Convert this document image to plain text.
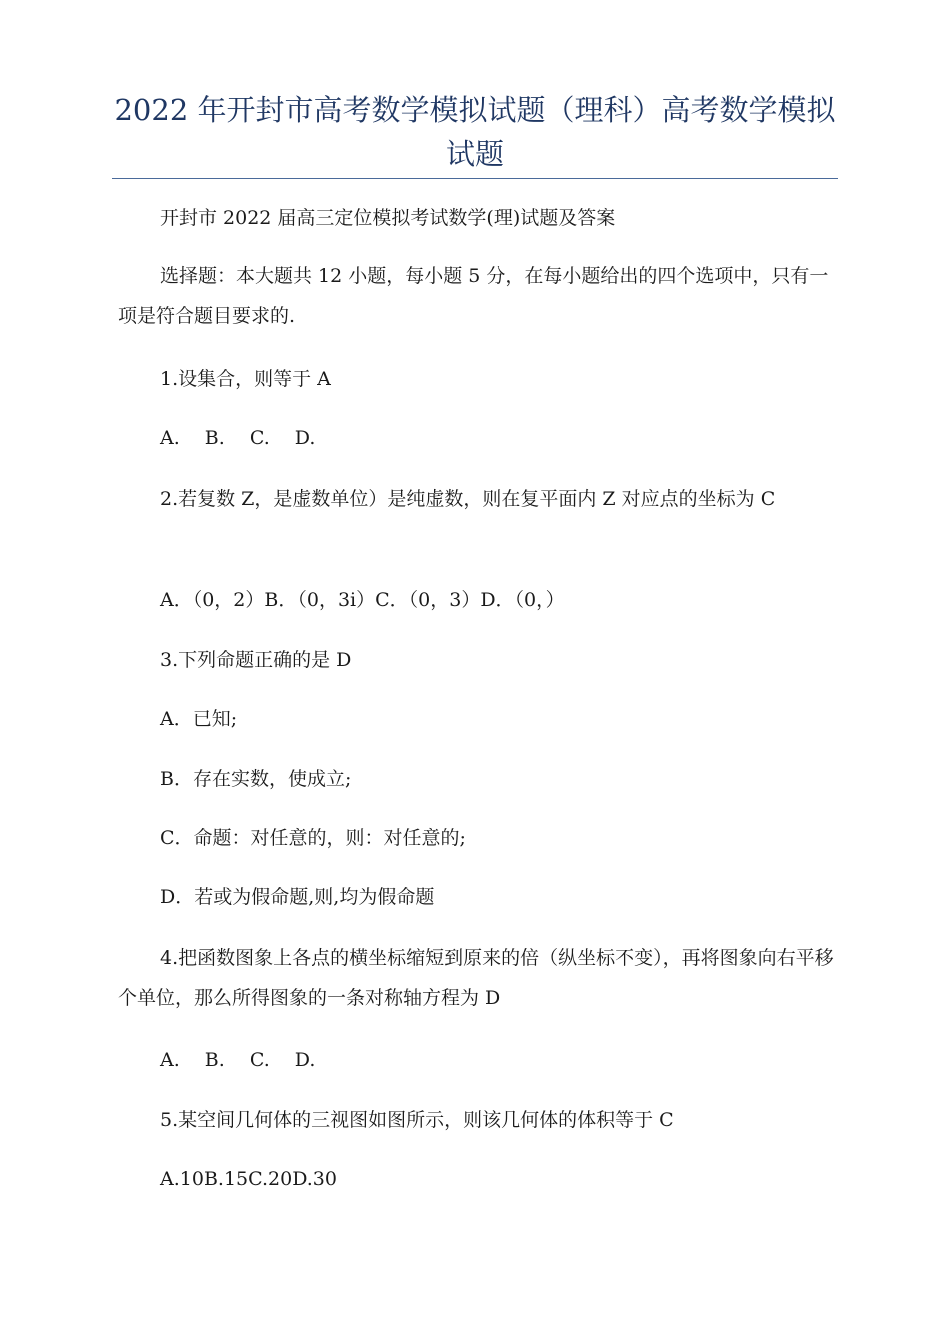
2022 年开封市高考数学模拟试题（理科）高考数学模拟
试题

开封市 2022 届高三定位模拟考试数学(理)试题及答案

选择题：本大题共 12 小题，每小题 5 分，在每小题给出的四个选项中，只有一项是符合题目要求的.

1.设集合，则等于 A

A.　 B.　 C.　 D.

2.若复数 Z，是虚数单位）是纯虚数，则在复平面内 Z 对应点的坐标为 C

A．（0，2）B．（0，3i）C．（0，3）D．（0，）

3.下列命题正确的是 D

A．已知;

B．存在实数，使成立;

C．命题：对任意的，则：对任意的;

D．若或为假命题,则,均为假命题

4.把函数图象上各点的横坐标缩短到原来的倍（纵坐标不变），再将图象向右平移个单位，那么所得图象的一条对称轴方程为 D

A.　 B.　 C.　 D.

5.某空间几何体的三视图如图所示，则该几何体的体积等于 C

A.10B.15C.20D.30
